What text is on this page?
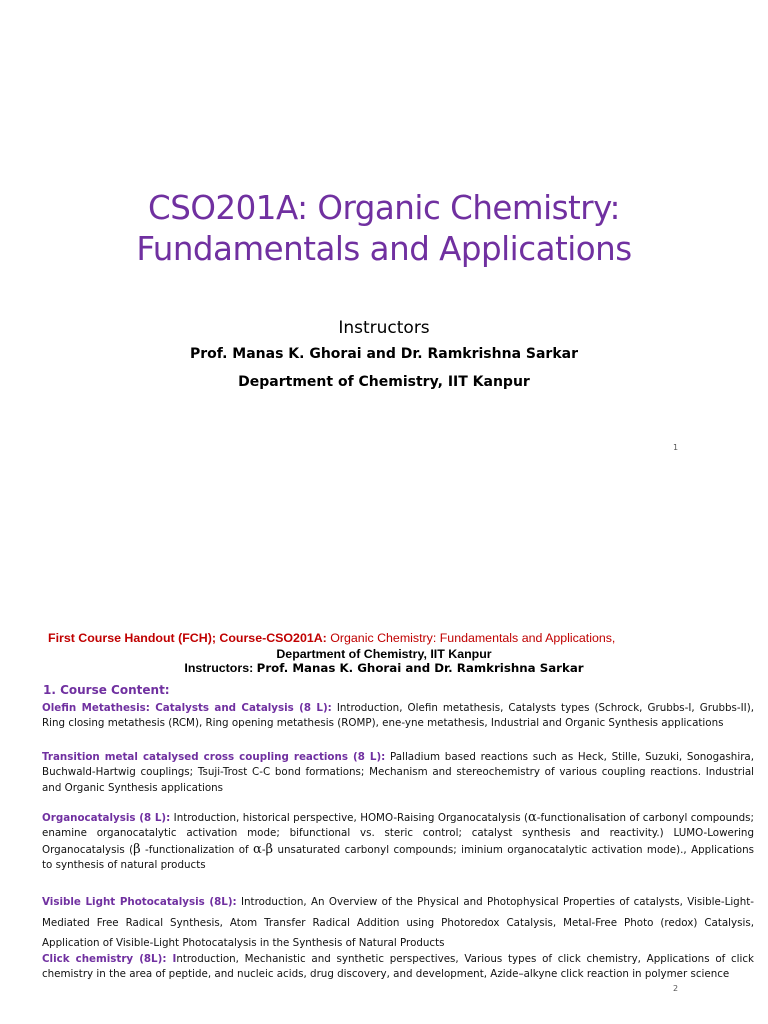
CSO201A: Organic Chemistry:
Fundamentals and Applications
Instructors
Prof. Manas K. Ghorai and Dr. Ramkrishna Sarkar
Department of Chemistry, IIT Kanpur
1
First Course Handout (FCH); Course-CSO201A: Organic Chemistry: Fundamentals and Applications,
Department of Chemistry, IIT Kanpur
Instructors: Prof. Manas K. Ghorai and Dr. Ramkrishna Sarkar
1. Course Content:
Olefin Metathesis: Catalysts and Catalysis (8 L): Introduction, Olefin metathesis, Catalysts types (Schrock, Grubbs-I, Grubbs-II), Ring closing metathesis (RCM), Ring opening metathesis (ROMP), ene-yne metathesis, Industrial and Organic Synthesis applications
Transition metal catalysed cross coupling reactions (8 L): Palladium based reactions such as Heck, Stille, Suzuki, Sonogashira, Buchwald-Hartwig couplings; Tsuji-Trost C-C bond formations; Mechanism and stereochemistry of various coupling reactions. Industrial and Organic Synthesis applications
Organocatalysis (8 L): Introduction, historical perspective, HOMO-Raising Organocatalysis (α-functionalisation of carbonyl compounds; enamine organocatalytic activation mode; bifunctional vs. steric control; catalyst synthesis and reactivity.) LUMO-Lowering Organocatalysis (β -functionalization of α-β unsaturated carbonyl compounds; iminium organocatalytic activation mode)., Applications to synthesis of natural products
Visible Light Photocatalysis (8L): Introduction, An Overview of the Physical and Photophysical Properties of catalysts, Visible-Light-Mediated Free Radical Synthesis, Atom Transfer Radical Addition using Photoredox Catalysis, Metal-Free Photo (redox) Catalysis, Application of Visible-Light Photocatalysis in the Synthesis of Natural Products
Click chemistry (8L): Introduction, Mechanistic and synthetic perspectives, Various types of click chemistry, Applications of click chemistry in the area of peptide, and nucleic acids, drug discovery, and development, Azide–alkyne click reaction in polymer science
2
